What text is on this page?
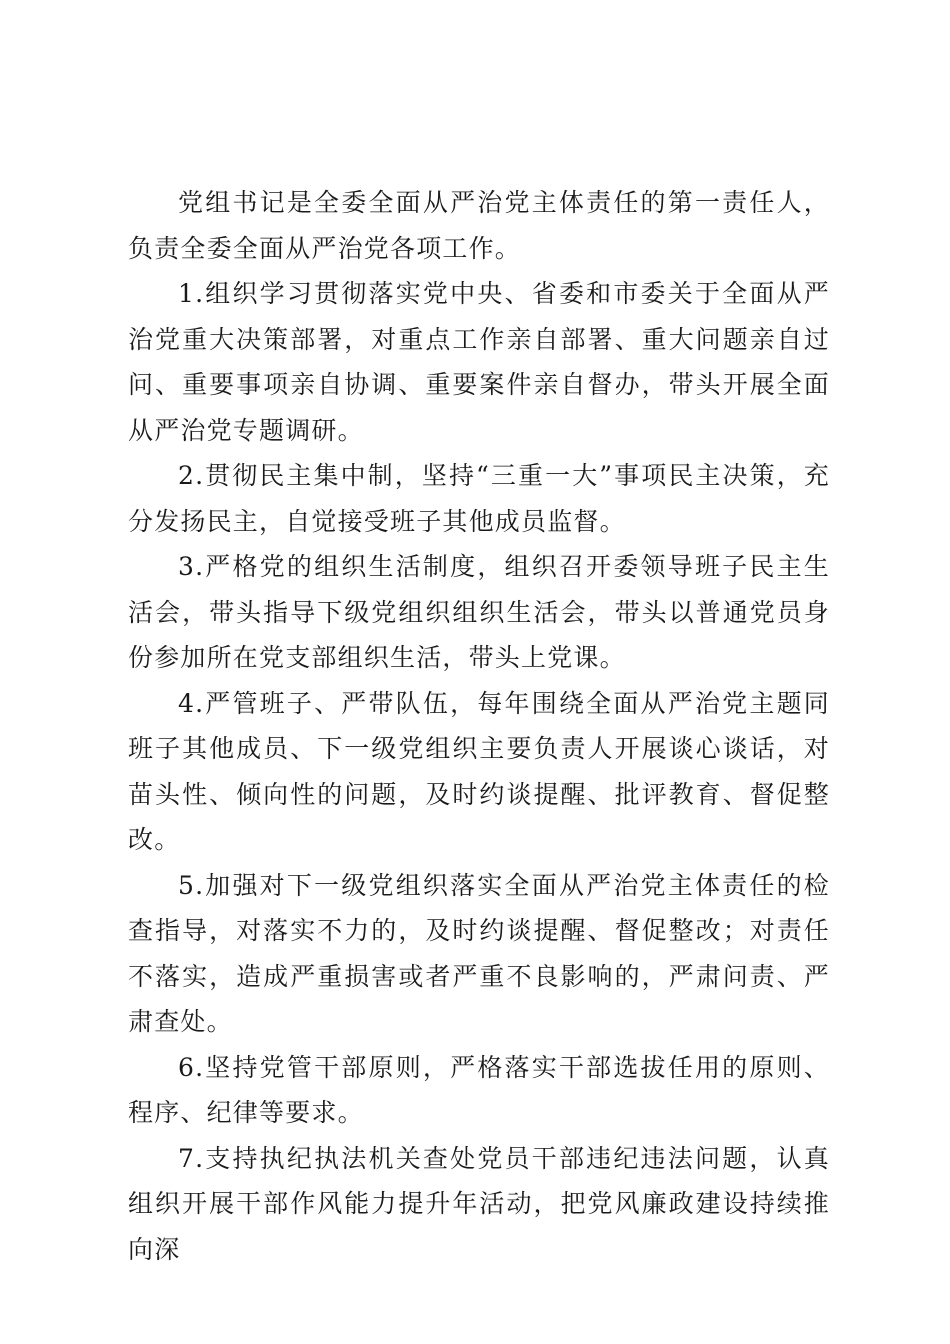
党组书记是全委全面从严治党主体责任的第一责任人，负责全委全面从严治党各项工作。

1.组织学习贯彻落实党中央、省委和市委关于全面从严治党重大决策部署，对重点工作亲自部署、重大问题亲自过问、重要事项亲自协调、重要案件亲自督办，带头开展全面从严治党专题调研。

2.贯彻民主集中制，坚持“三重一大”事项民主决策，充分发扬民主，自觉接受班子其他成员监督。

3.严格党的组织生活制度，组织召开委领导班子民主生活会，带头指导下级党组织组织生活会，带头以普通党员身份参加所在党支部组织生活，带头上党课。

4.严管班子、严带队伍，每年围绕全面从严治党主题同班子其他成员、下一级党组织主要负责人开展谈心谈话，对苗头性、倾向性的问题，及时约谈提醒、批评教育、督促整改。

5.加强对下一级党组织落实全面从严治党主体责任的检查指导，对落实不力的，及时约谈提醒、督促整改；对责任不落实，造成严重损害或者严重不良影响的，严肃问责、严肃查处。

6.坚持党管干部原则，严格落实干部选拔任用的原则、程序、纪律等要求。

7.支持执纪执法机关查处党员干部违纪违法问题，认真组织开展干部作风能力提升年活动，把党风廉政建设持续推向深
